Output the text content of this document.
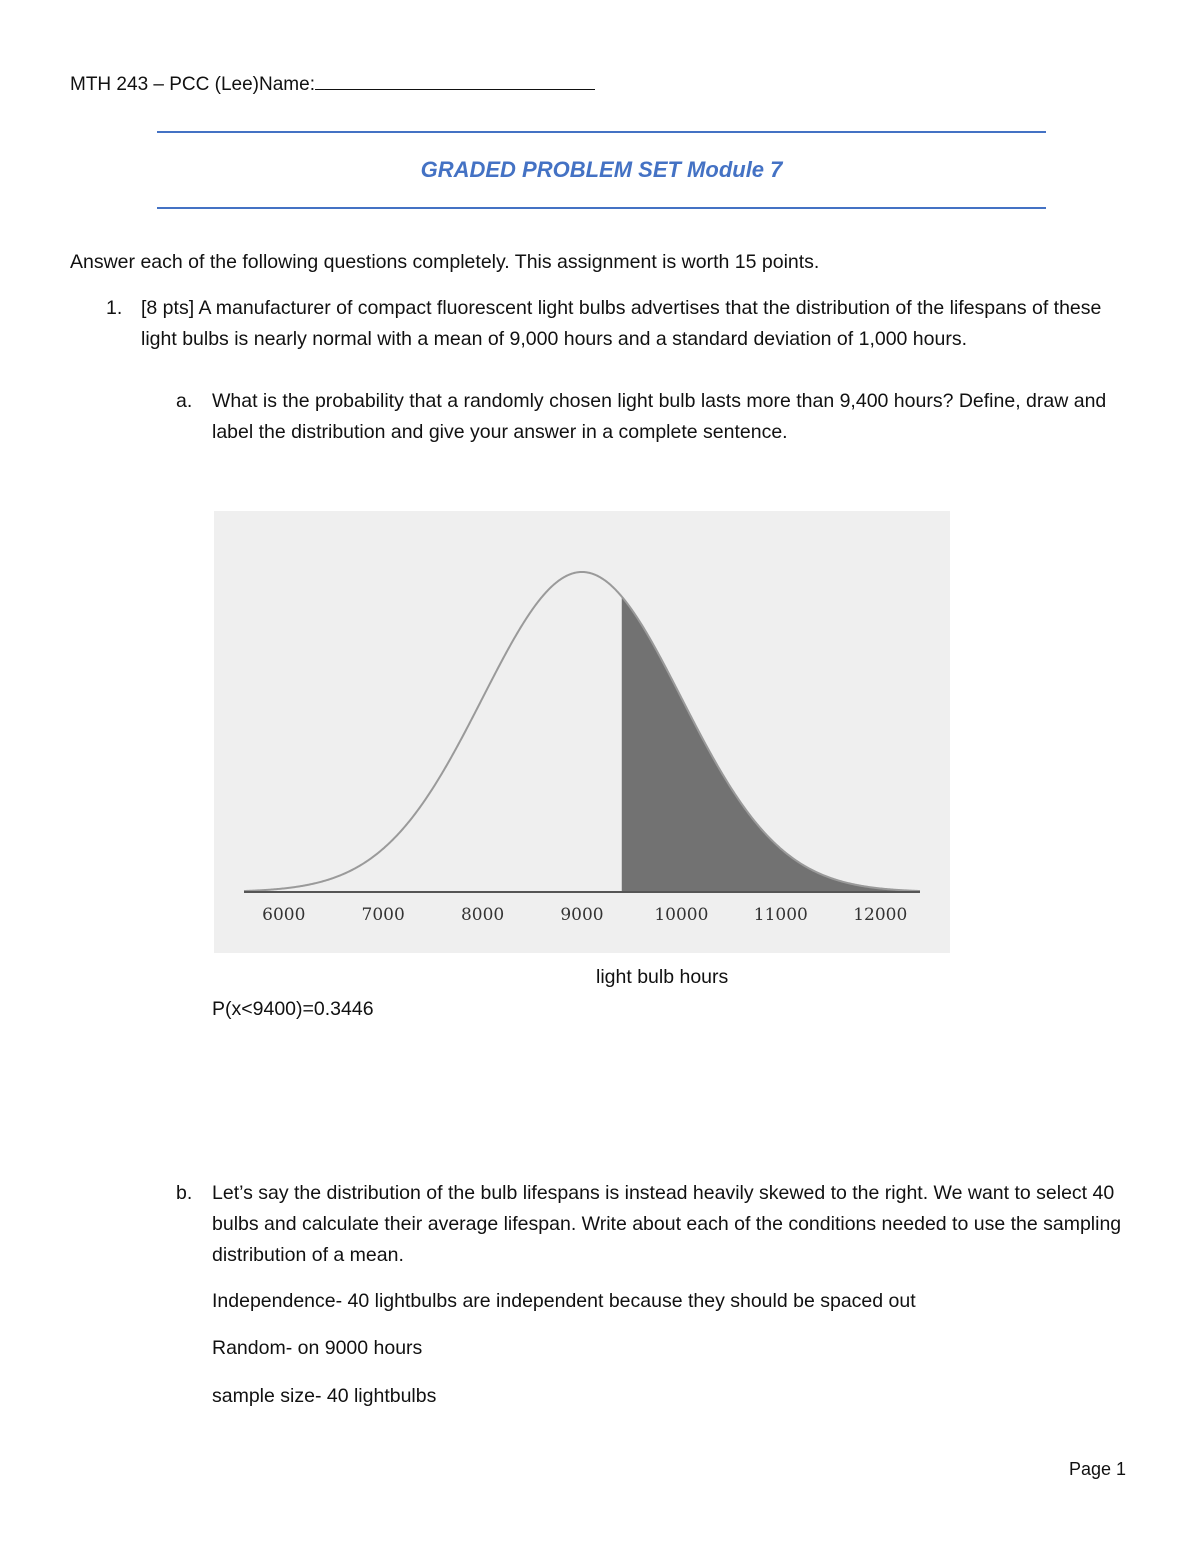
MTH 243 – PCC (Lee)Name:
GRADED PROBLEM SET Module 7
Answer each of the following questions completely. This assignment is worth 15 points.
1. [8 pts] A manufacturer of compact fluorescent light bulbs advertises that the distribution of the lifespans of these light bulbs is nearly normal with a mean of 9,000 hours and a standard deviation of 1,000 hours.
a. What is the probability that a randomly chosen light bulb lasts more than 9,400 hours? Define, draw and label the distribution and give your answer in a complete sentence.
6000	7000	8000	9000	10000	11000	12000
light bulb hours
P(x<9400)=0.3446
b. Let’s say the distribution of the bulb lifespans is instead heavily skewed to the right. We want to select 40 bulbs and calculate their average lifespan. Write about each of the conditions needed to use the sampling distribution of a mean.
Independence- 40 lightbulbs are independent because they should be spaced out
Random- on 9000 hours
sample size- 40 lightbulbs
Page 1
